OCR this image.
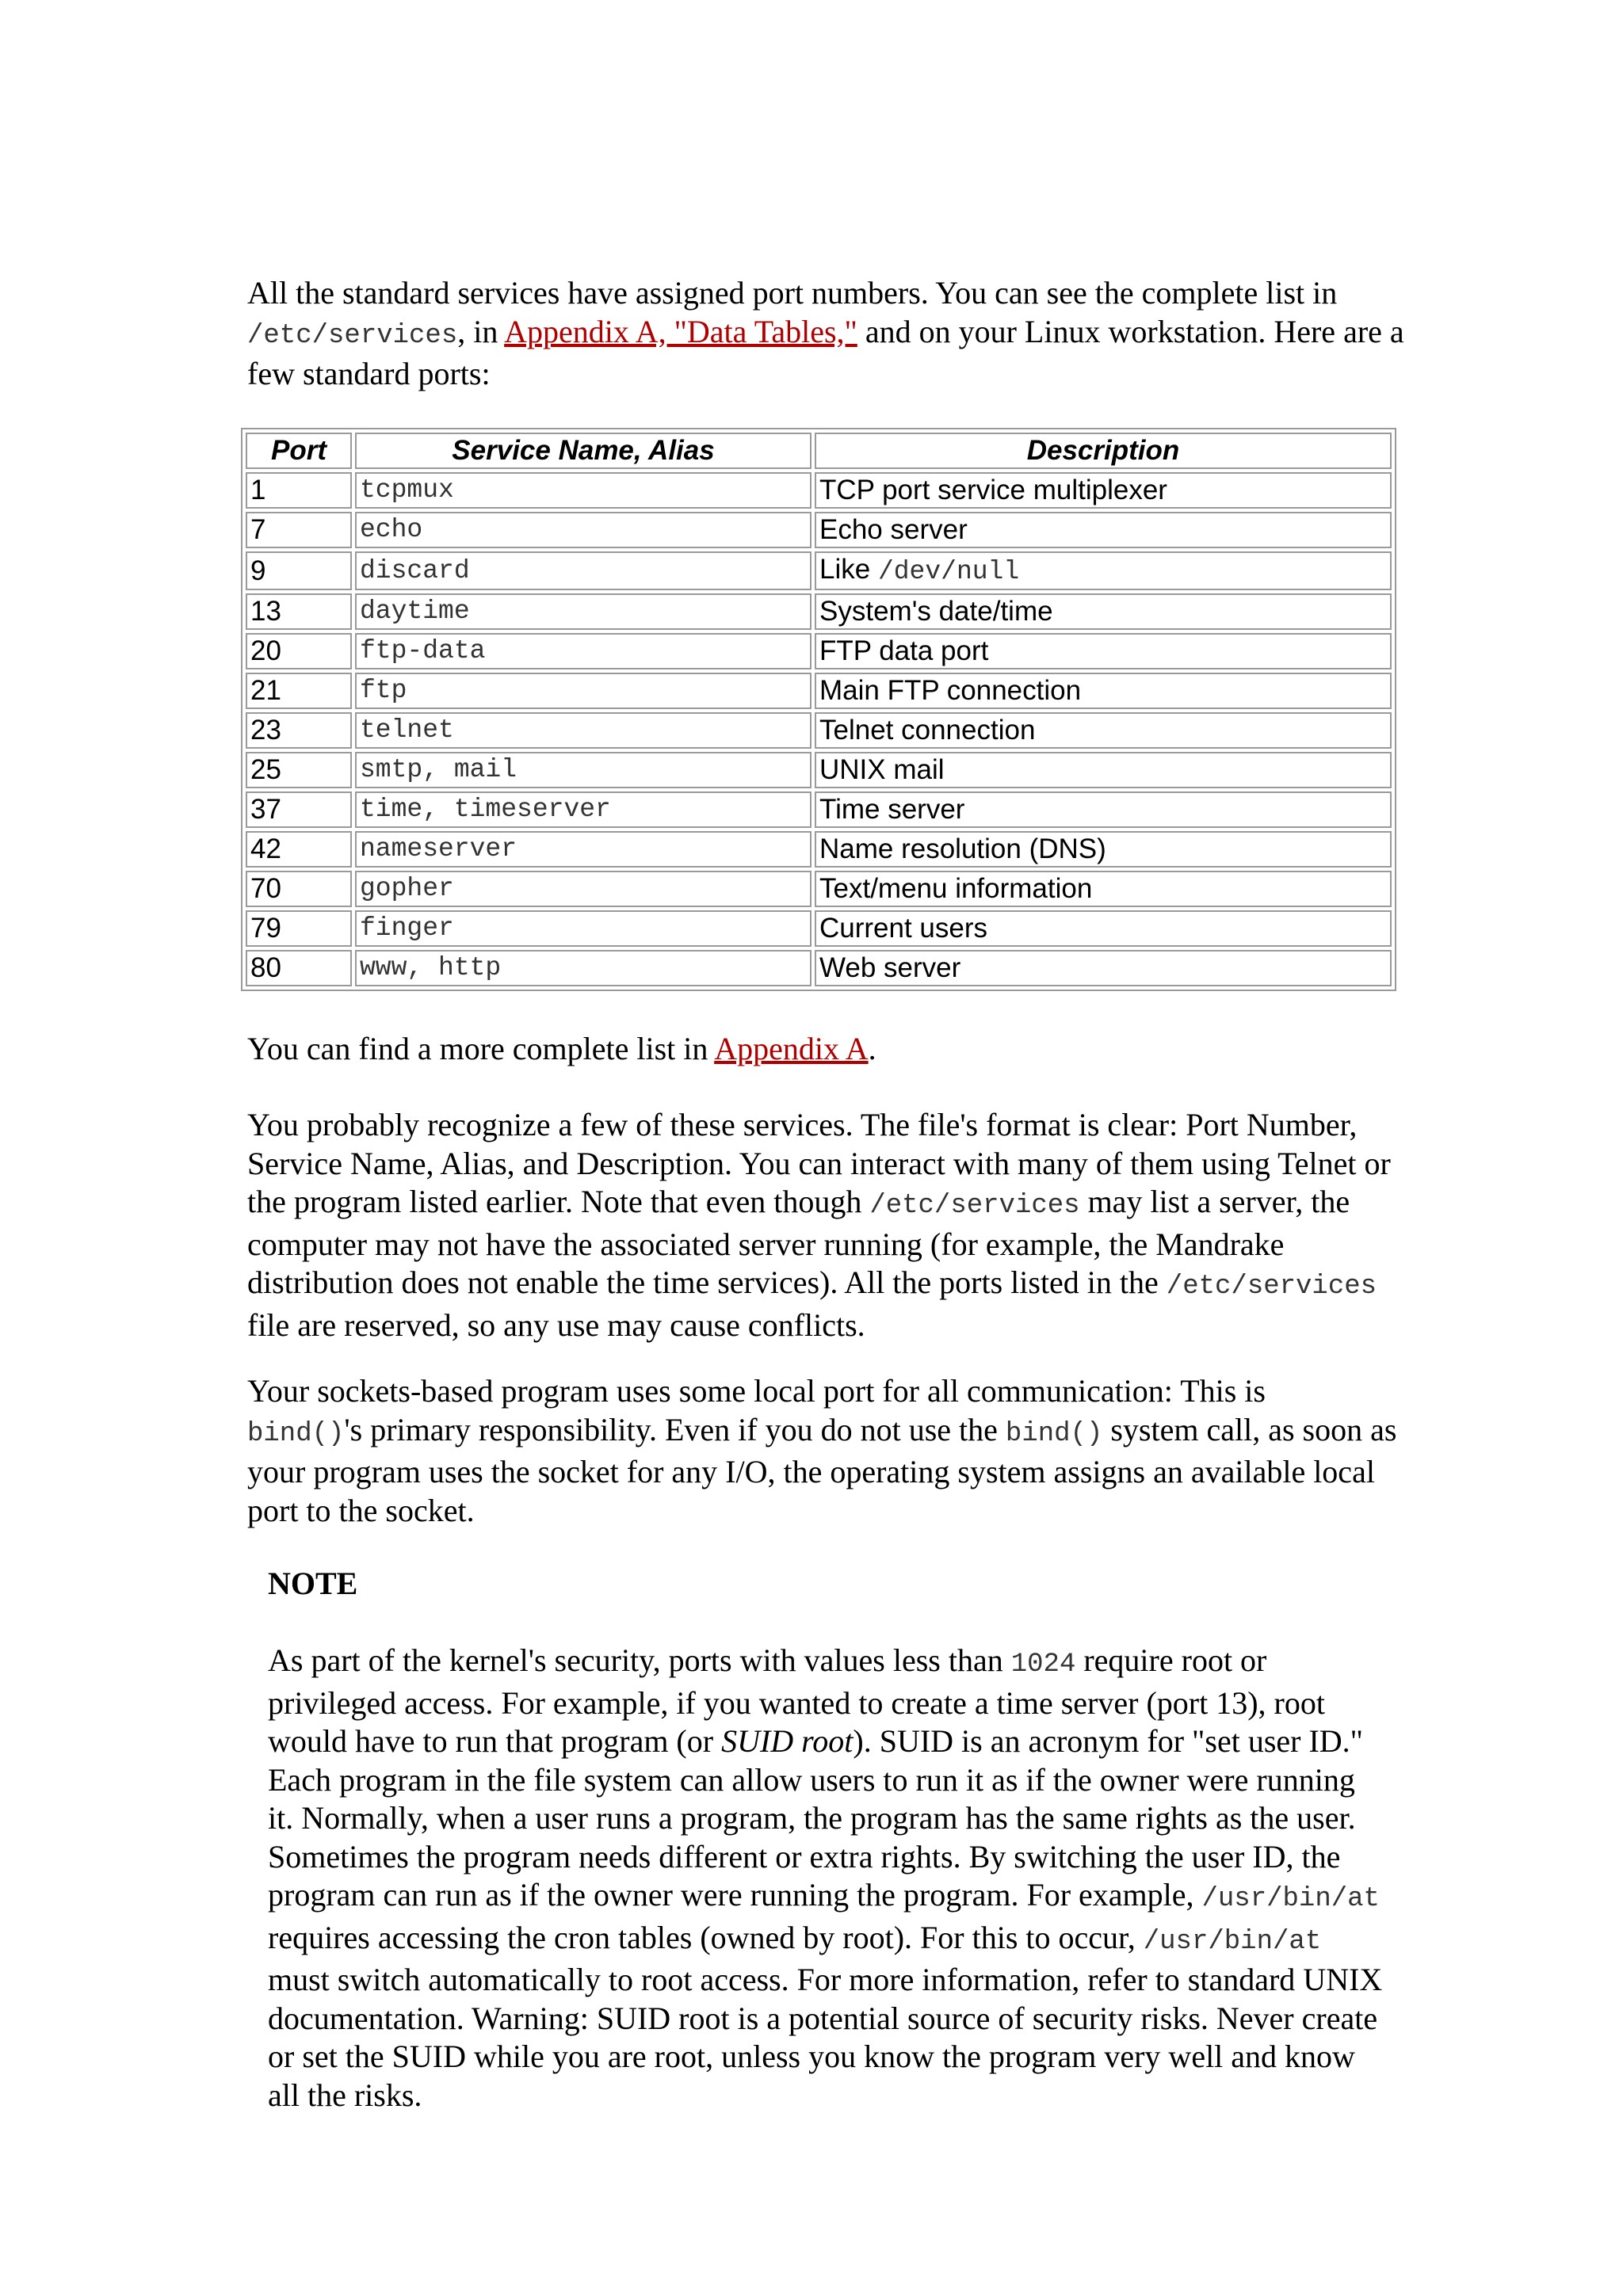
All the standard services have assigned port numbers. You can see the complete list in
/etc/services, in Appendix A, "Data Tables," and on your Linux workstation. Here are a few standard ports:

Port	Service Name, Alias	Description
1	tcpmux	TCP port service multiplexer
7	echo	Echo server
9	discard	Like /dev/null
13	daytime	System's date/time
20	ftp-data	FTP data port
21	ftp	Main FTP connection
23	telnet	Telnet connection
25	smtp, mail	UNIX mail
37	time, timeserver	Time server
42	nameserver	Name resolution (DNS)
70	gopher	Text/menu information
79	finger	Current users
80	www, http	Web server

You can find a more complete list in Appendix A.

You probably recognize a few of these services. The file's format is clear: Port Number, Service Name, Alias, and Description. You can interact with many of them using Telnet or the program listed earlier. Note that even though /etc/services may list a server, the computer may not have the associated server running (for example, the Mandrake distribution does not enable the time services). All the ports listed in the /etc/services file are reserved, so any use may cause conflicts.

Your sockets-based program uses some local port for all communication: This is
bind()'s primary responsibility. Even if you do not use the bind() system call, as soon as your program uses the socket for any I/O, the operating system assigns an available local port to the socket.

NOTE

As part of the kernel's security, ports with values less than 1024 require root or privileged access. For example, if you wanted to create a time server (port 13), root would have to run that program (or SUID root). SUID is an acronym for "set user ID." Each program in the file system can allow users to run it as if the owner were running it. Normally, when a user runs a program, the program has the same rights as the user. Sometimes the program needs different or extra rights. By switching the user ID, the program can run as if the owner were running the program. For example, /usr/bin/at requires accessing the cron tables (owned by root). For this to occur, /usr/bin/at must switch automatically to root access. For more information, refer to standard UNIX documentation. Warning: SUID root is a potential source of security risks. Never create or set the SUID while you are root, unless you know the program very well and know all the risks.
